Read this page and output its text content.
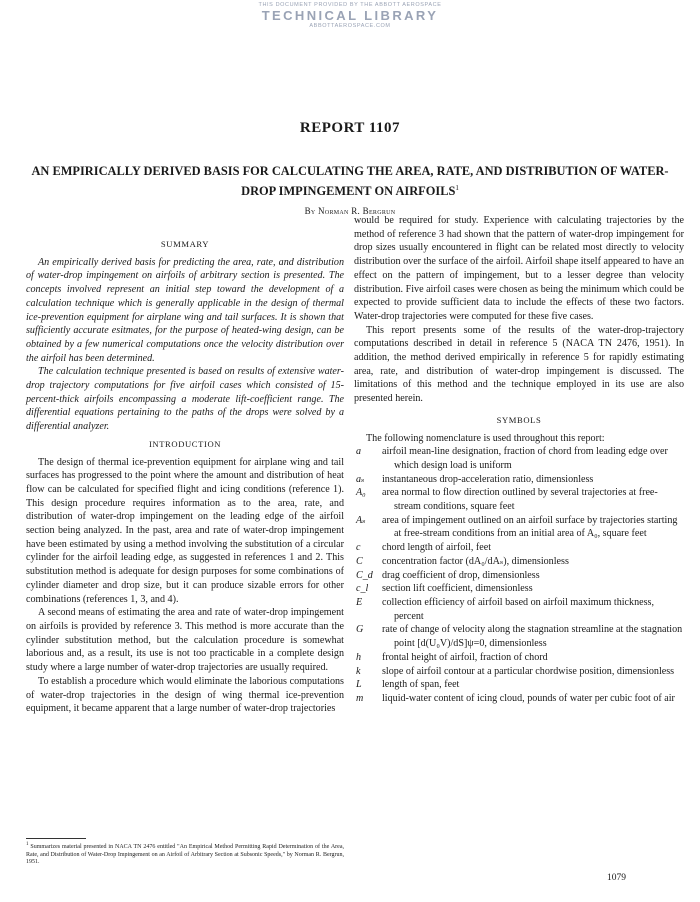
THIS DOCUMENT PROVIDED BY THE ABBOTT AEROSPACE
TECHNICAL LIBRARY
ABBOTTAEROSPACE.COM
REPORT 1107
AN EMPIRICALLY DERIVED BASIS FOR CALCULATING THE AREA, RATE, AND DISTRIBUTION OF WATER-DROP IMPINGEMENT ON AIRFOILS$^1$
By Norman R. Bergrun
SUMMARY

An empirically derived basis for predicting the area, rate, and distribution of water-drop impingement on airfoils of arbitrary section is presented. The concepts involved represent an initial step toward the development of a calculation technique which is generally applicable in the design of thermal ice-prevention equipment for airplane wing and tail surfaces. It is shown that sufficiently accurate esitmates, for the purpose of heated-wing design, can be obtained by a few numerical computations once the velocity distribution over the airfoil has been determined.

The calculation technique presented is based on results of extensive water-drop trajectory computations for five airfoil cases which consisted of 15-percent-thick airfoils encompassing a moderate lift-coefficient range. The differential equations pertaining to the paths of the drops were solved by a differential analyzer.

INTRODUCTION

The design of thermal ice-prevention equipment for airplane wing and tail surfaces has progressed to the point where the amount and distribution of heat flow can be calculated for specified flight and icing conditions (reference 1). This design procedure requires information as to the area, rate, and distribution of water-drop impingement on the leading edge of the airfoil section being analyzed. In the past, area and rate of water-drop impingement have been estimated by using a method involving the substitution of a circular cylinder for the airfoil leading edge, as suggested in references 1 and 2. This substitution method is adequate for design purposes for some combinations of cylinder diameter and drop size, but it can produce sizable errors for other combinations (references 1, 3, and 4).

A second means of estimating the area and rate of water-drop impingement on airfoils is provided by reference 3. This method is more accurate than the cylinder substitution method, but the calculation procedure is somewhat laborious and, as a result, its use is not too practicable in a complete design study where a large number of water-drop trajectories are usually required.

To establish a procedure which would eliminate the laborious computations of water-drop trajectories in the design of wing thermal ice-prevention equipment, it became apparent that a large number of water-drop trajectories

would be required for study. Experience with calculating trajectories by the method of reference 3 had shown that the pattern of water-drop impingement for drop sizes usually encountered in flight can be related most directly to velocity distribution over the surface of the airfoil. Airfoil shape itself appeared to have an effect on the pattern of impingement, but to a lesser degree than velocity distribution. Five airfoil cases were chosen as being the minimum which could be expected to provide sufficient data to include the effects of these two factors. Water-drop trajectories were computed for these five cases.

This report presents some of the results of the water-drop-trajectory computations described in detail in reference 5 (NACA TN 2476, 1951). In addition, the method derived empirically in reference 5 for rapidly estimating area, rate, and distribution of water-drop impingement is discussed. The limitations of this method and the technique employed in its use are also presented herein.

SYMBOLS

The following nomenclature is used throughout this report:

a	airfoil mean-line designation, fraction of chord from leading edge over which design load is uniform
aₛ	instantaneous drop-acceleration ratio, dimensionless
A₀	area normal to flow direction outlined by several trajectories at free-stream conditions, square feet
Aₛ	area of impingement outlined on an airfoil surface by trajectories starting at free-stream conditions from an initial area of A₀, square feet
c	chord length of airfoil, feet
C	concentration factor (dA₀/dAₛ), dimensionless
C_d drag coefficient of drop, dimensionless
c_l	section lift coefficient, dimensionless
E	collection efficiency of airfoil based on airfoil maximum thickness, percent
G	rate of change of velocity along the stagnation streamline at the stagnation point [d(U₀V)/dS]ψ=0, dimensionless
h	frontal height of airfoil, fraction of chord
k	slope of airfoil contour at a particular chordwise position, dimensionless
L	length of span, feet
m	liquid-water content of icing cloud, pounds of water per cubic foot of air
$^1$ Summarizes material presented in NACA TN 2476 entitled "An Empirical Method Permitting Rapid Determination of the Area, Rate, and Distribution of Water-Drop Impingement on an Airfoil of Arbitrary Section at Subsonic Speeds," by Norman R. Bergrun, 1951.
1079
